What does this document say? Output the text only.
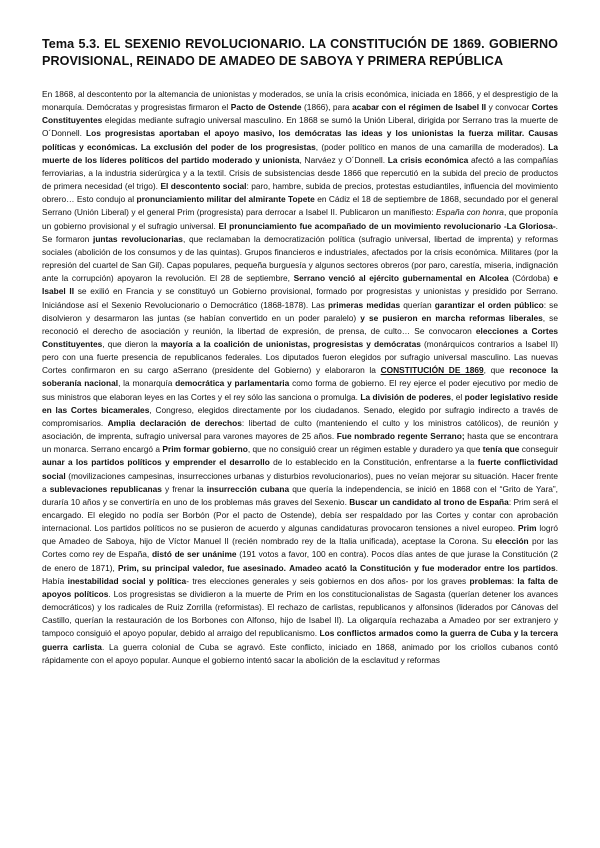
Tema 5.3. EL SEXENIO REVOLUCIONARIO. LA CONSTITUCIÓN DE 1869. GOBIERNO PROVISIONAL, REINADO DE AMADEO DE SABOYA Y PRIMERA REPÚBLICA

En 1868, al descontento por la altemancia de unionistas y moderados, se unía la crisis económica, iniciada en 1866, y el desprestigio de la monarquía. Demócratas y progresistas firmaron el Pacto de Ostende (1866), para acabar con el régimen de Isabel II y convocar Cortes Constituyentes elegidas mediante sufragio universal masculino. En 1868 se sumó la Unión Liberal, dirigida por Serrano tras la muerte de O´Donnell. Los progresistas aportaban el apoyo masivo, los demócratas las ideas y los unionistas la fuerza militar. Causas políticas y económicas. La exclusión del poder de los progresistas, (poder político en manos de una camarilla de moderados). La muerte de los líderes políticos del partido moderado y unionista, Narváez y O´Donnell. La crisis económica afectó a las compañías ferroviarias, a la industria siderúrgica y a la textil. Crisis de subsistencias desde 1866 que repercutió en la subida del precio de productos de primera necesidad (el trigo). El descontento social: paro, hambre, subida de precios, protestas estudiantiles, influencia del movimiento obrero… Esto condujo al pronunciamiento militar del almirante Topete en Cádiz el 18 de septiembre de 1868, secundado por el general Serrano (Unión Liberal) y el general Prim (progresista) para derrocar a Isabel II. Publicaron un manifiesto: España con honra, que proponía un gobierno provisional y el sufragio universal. El pronunciamiento fue acompañado de un movimiento revolucionario -La Gloriosa-. Se formaron juntas revolucionarias, que reclamaban la democratización política (sufragio universal, libertad de imprenta) y reformas sociales (abolición de los consumos y de las quintas). Grupos financieros e industriales, afectados por la crisis económica. Militares (por la represión del cuartel de San Gil). Capas populares, pequeña burguesía y algunos sectores obreros (por paro, carestía, miseria, indignación ante la corrupción) apoyaron la revolución. El 28 de septiembre, Serrano venció al ejército gubernamental en Alcolea (Córdoba) e Isabel II se exilió en Francia y se constituyó un Gobierno provisional, formado por progresistas y unionistas y presidido por Serrano. Iniciándose así el Sexenio Revolucionario o Democrático (1868-1878). Las primeras medidas querían garantizar el orden público: se disolvieron y desarmaron las juntas (se habían convertido en un poder paralelo) y se pusieron en marcha reformas liberales, se reconoció el derecho de asociación y reunión, la libertad de expresión, de prensa, de culto… Se convocaron elecciones a Cortes Constituyentes, que dieron la mayoría a la coalición de unionistas, progresistas y demócratas (monárquicos contrarios a Isabel II) pero con una fuerte presencia de republicanos federales. Los diputados fueron elegidos por sufragio universal masculino. Las nuevas Cortes confirmaron en su cargo aSerrano (presidente del Gobierno) y elaboraron la CONSTITUCIÓN DE 1869, que reconoce la soberanía nacional, la monarquía democrática y parlamentaria como forma de gobierno. El rey ejerce el poder ejecutivo por medio de sus ministros que elaboran leyes en las Cortes y el rey sólo las sanciona o promulga. La división de poderes, el poder legislativo reside en las Cortes bicamerales, Congreso, elegidos directamente por los ciudadanos. Senado, elegido por sufragio indirecto a través de compromisarios. Amplia declaración de derechos: libertad de culto (manteniendo el culto y los ministros católicos), de reunión y asociación, de imprenta, sufragio universal para varones mayores de 25 años. Fue nombrado regente Serrano; hasta que se encontrara un monarca. Serrano encargó a Prim formar gobierno, que no consiguió crear un régimen estable y duradero ya que tenía que conseguir aunar a los partidos políticos y emprender el desarrollo de lo establecido en la Constitución, enfrentarse a la fuerte conflictividad social (movilizaciones campesinas, insurrecciones urbanas y disturbios revolucionarios), pues no veían mejorar su situación. Hacer frente a sublevaciones republicanas y frenar la insurrección cubana que quería la independencia, se inició en 1868 con el “Grito de Yara”, duraría 10 años y se convertiría en uno de los problemas más graves del Sexenio. Buscar un candidato al trono de España: Prim será el encargado. El elegido no podía ser Borbón (Por el pacto de Ostende), debía ser respaldado por las Cortes y contar con aprobación internacional. Los partidos políticos no se pusieron de acuerdo y algunas candidaturas provocaron tensiones a nivel europeo. Prim logró que Amadeo de Saboya, hijo de Víctor Manuel II (recién nombrado rey de la Italia unificada), aceptase la Corona. Su elección por las Cortes como rey de España, distó de ser unánime (191 votos a favor, 100 en contra). Pocos días antes de que jurase la Constitución (2 de enero de 1871), Prim, su principal valedor, fue asesinado. Amadeo acató la Constitución y fue moderador entre los partidos. Había inestabilidad social y política- tres elecciones generales y seis gobiernos en dos años- por los graves problemas: la falta de apoyos políticos. Los progresistas se dividieron a la muerte de Prim en los constitucionalistas de Sagasta (querían detener los avances democráticos) y los radicales de Ruiz Zorrilla (reformistas). El rechazo de carlistas, republicanos y alfonsinos (liderados por Cánovas del Castillo, querían la restauración de los Borbones con Alfonso, hijo de Isabel II). La oligarquía rechazaba a Amadeo por ser extranjero y tampoco consiguió el apoyo popular, debido al arraigo del republicanismo. Los conflictos armados como la guerra de Cuba y la tercera guerra carlista. La guerra colonial de Cuba se agravó. Este conflicto, iniciado en 1868, animado por los criollos cubanos contó rápidamente con el apoyo popular. Aunque el gobierno intentó sacar la abolición de la esclavitud y reformas
